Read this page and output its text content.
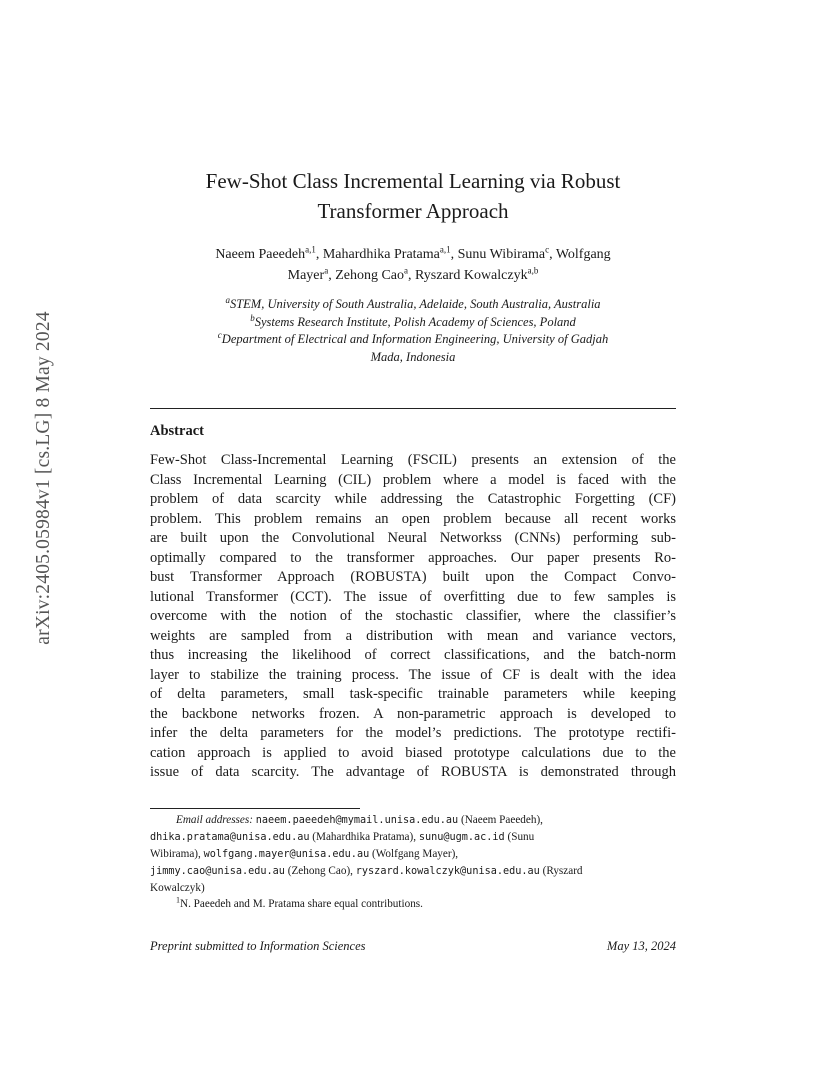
arXiv:2405.05984v1 [cs.LG] 8 May 2024
Few-Shot Class Incremental Learning via Robust
Transformer Approach
Naeem Paeedeh$^{a,1}$, Mahardhika Pratama$^{a,1}$, Sunu Wibirama$^c$, Wolfgang
Mayer$^a$, Zehong Cao$^a$, Ryszard Kowalczyk$^{a,b}$
$^a$STEM, University of South Australia, Adelaide, South Australia, Australia
$^b$Systems Research Institute, Polish Academy of Sciences, Poland
$^c$Department of Electrical and Information Engineering, University of Gadjah
Mada, Indonesia
Abstract
Few-Shot Class-Incremental Learning (FSCIL) presents an extension of the
Class Incremental Learning (CIL) problem where a model is faced with the
problem of data scarcity while addressing the Catastrophic Forgetting (CF)
problem. This problem remains an open problem because all recent works
are built upon the Convolutional Neural Networkss (CNNs) performing sub-
optimally compared to the transformer approaches. Our paper presents Ro-
bust Transformer Approach (ROBUSTA) built upon the Compact Convo-
lutional Transformer (CCT). The issue of overfitting due to few samples is
overcome with the notion of the stochastic classifier, where the classifier’s
weights are sampled from a distribution with mean and variance vectors,
thus increasing the likelihood of correct classifications, and the batch-norm
layer to stabilize the training process. The issue of CF is dealt with the idea
of delta parameters, small task-specific trainable parameters while keeping
the backbone networks frozen. A non-parametric approach is developed to
infer the delta parameters for the model’s predictions. The prototype rectifi-
cation approach is applied to avoid biased prototype calculations due to the
issue of data scarcity. The advantage of ROBUSTA is demonstrated through
Email addresses: naeem.paeedeh@mymail.unisa.edu.au (Naeem Paeedeh),
dhika.pratama@unisa.edu.au (Mahardhika Pratama), sunu@ugm.ac.id (Sunu
Wibirama), wolfgang.mayer@unisa.edu.au (Wolfgang Mayer),
jimmy.cao@unisa.edu.au (Zehong Cao), ryszard.kowalczyk@unisa.edu.au (Ryszard
Kowalczyk)
$^1$N. Paeedeh and M. Pratama share equal contributions.
Preprint submitted to Information Sciences	May 13, 2024
